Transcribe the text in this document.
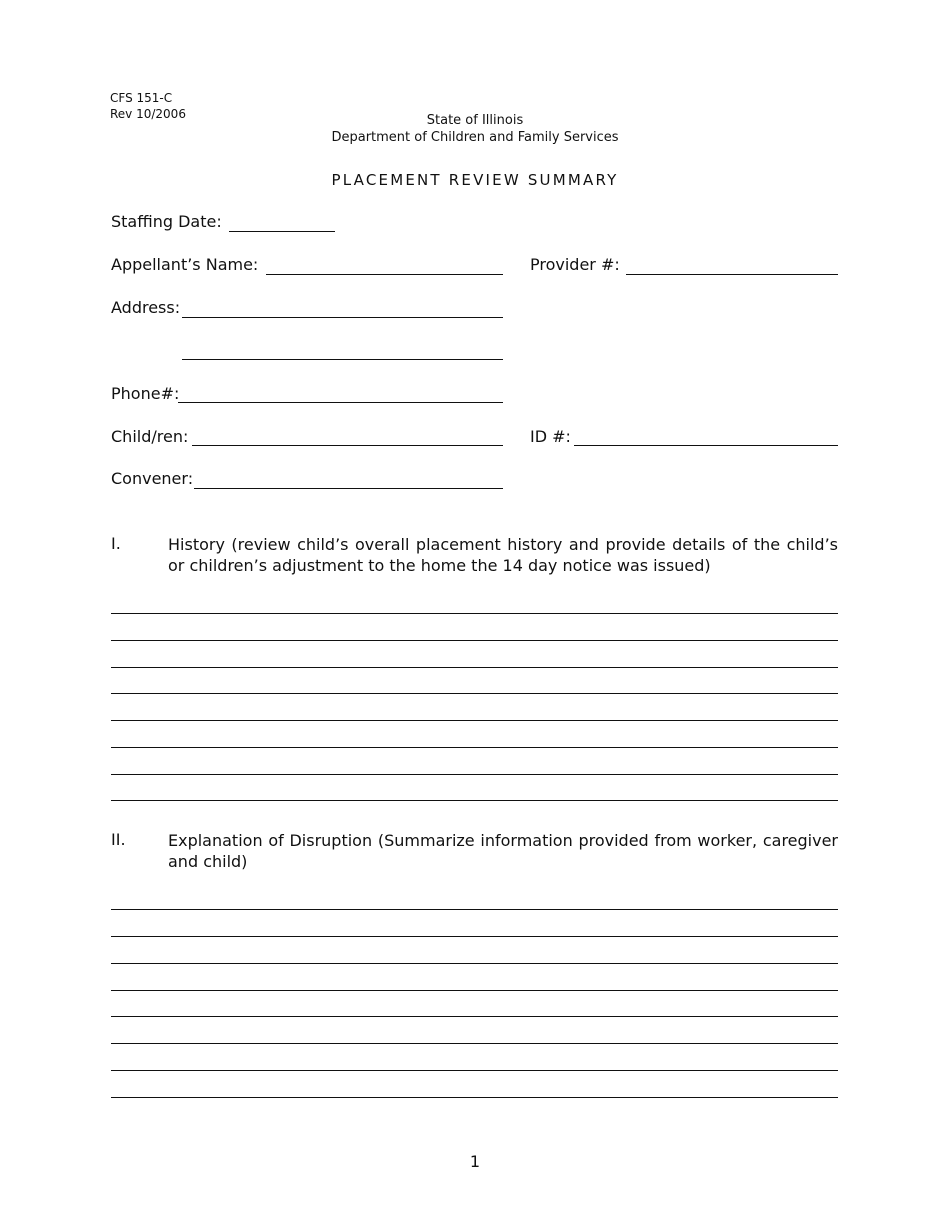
CFS 151-C
Rev 10/2006	State of Illinois
Department of Children and Family Services
PLACEMENT REVIEW SUMMARY
Staffing Date:
Appellant’s Name:	Provider #:
Address:
Phone#:
Child/ren:	ID #:
Convener:
I.	History (review child’s overall placement history and provide details of the child’s or children’s adjustment to the home the 14 day notice was issued)
II.	Explanation of Disruption (Summarize information provided from worker, caregiver and child)
1
